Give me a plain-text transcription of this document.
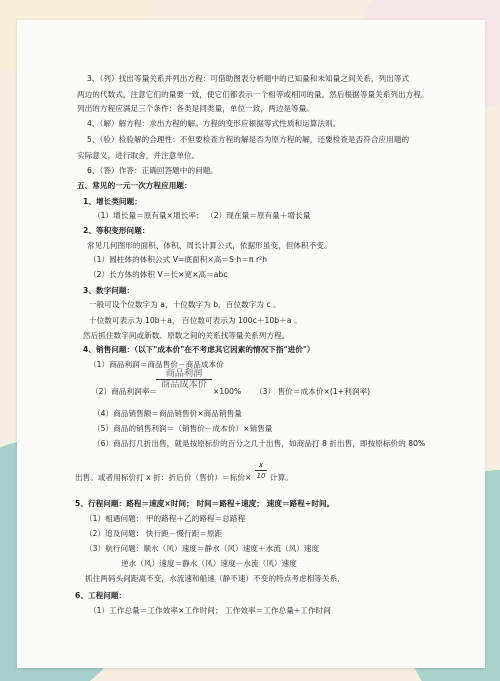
3、（列）找出等量关系并列出方程：可借助图表分析题中的已知量和未知量之间关系，列出等式
两边的代数式，注意它们的量要一致，使它们都表示一个相等或相同的量。然后根据等量关系列出方程。
列出的方程应满足三个条件：各类是同类量，单位一致，两边是等量。
4、（解）解方程：求出方程的解。方程的变形应根据等式性质和运算法则。
5、（验）检验解的合理性：不但要检查方程的解是否为原方程的解，还要检查是否符合应用题的
实际意义，进行取舍，并注意单位。
6、（答）作答：正确回答题中的问题。
五、常见的一元一次方程应用题：
1、增长类问题：
（1）增长量＝原有量×增长率； （2）现在量＝原有量＋增长量
2、等积变形问题：
常见几何图形的面积、体积、周长计算公式，依据形虽变，但体积不变。
（1）圆柱体的体积公式 V=底面积×高＝S·h＝π r²h
（2）长方体的体积 V＝长×宽×高＝abc
3、数字问题：
一般可设个位数字为 a，十位数字为 b，百位数字为 c 。
十位数可表示为 10b＋a， 百位数可表示为 100c＋10b＋a 。
然后抓住数字间或新数、原数之间的关系找等量关系列方程。
4、销售问题：（以下"成本价"在不考虑其它因素的情况下指"进价"）
（1）商品利润＝商品售价－商品成本价
（2）商品利润率＝
商品利润
商品成本价
×100% （3） 售价＝成本价×(1+利润率)
（4）商品销售额＝商品销售价×商品销售量
（5）商品的销售利润＝（销售价－成本价）×销售量
（6）商品打几折出售，就是按原标价的百分之几十出售，如商品打 8 折出售，即按原标价的 80%
出售。或者用标价打 x 折：折后价（售价）＝标价× $\frac{x}{10}$ 计算。
5、行程问题：路程＝速度×时间； 时间＝路程÷速度； 速度＝路程÷时间。
（1）相遇问题： 甲的路程＋乙的路程＝总路程
（2）追及问题： 快行距－慢行距＝原距
（3）航行问题：顺水（风）速度＝静水（风）速度＋水流（风）速度
逆水（风）速度＝静水（风）速度－水流（风）速度
抓住两码头间距离不变，水流速和船速（静不速）不变的特点考虑相等关系．
6、工程问题：
（1）工作总量＝工作效率×工作时间； 工作效率＝工作总量÷工作时间
